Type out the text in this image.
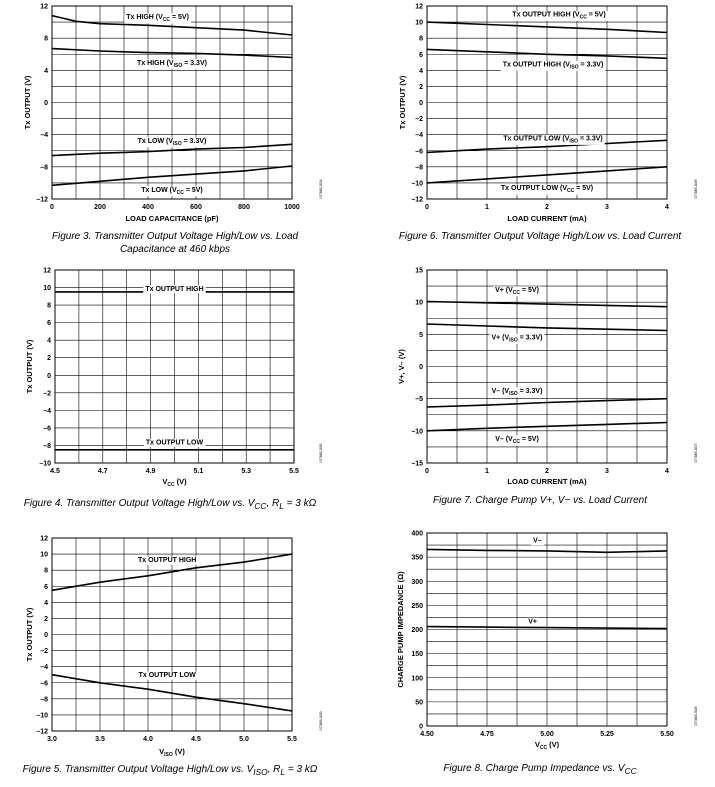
0	200	400	600	800	1000
–12
–8
–4
0
4
8
12
LOAD CAPACITANCE (pF)
Tx OUTPUT (V)
07388-004
Tx HIGH $(V_{CC} = 5V)$
Tx HIGH $(V_{ISO} = 3.3V)$
Tx LOW $(V_{ISO} = 3.3V)$
Tx LOW $(V_{CC} = 5V)$
Figure 3. Transmitter Output Voltage High/Low vs. Load
Capacitance at 460 kbps
0	1	2	3	4
–12
–10
–8
–6
–4
–2
0
2
4
6
8
10
12
LOAD CURRENT (mA)
Tx OUTPUT (V)
07388-006
Tx OUTPUT HIGH $(V_{CC} = 5V)$
Tx OUTPUT HIGH $(V_{ISO} = 3.3V)$
Tx OUTPUT LOW $(V_{ISO} = 3.3V)$
Tx OUTPUT LOW $(V_{CC} = 5V)$
Figure 6. Transmitter Output Voltage High/Low vs. Load Current
4.5	4.7	4.9	5.1	5.3	5.5
–10
–8
–6
–4
–2
0
2
4
6
8
10
12
$V_{CC}$ (V)
Tx OUTPUT (V)
07388-005
Tx OUTPUT HIGH
Tx OUTPUT LOW
Figure 4. Transmitter Output Voltage High/Low vs. $V_{CC}$, $R_L = 3$ kΩ
0	1	2	3	4
–15
–10
–5
0
5
10
15
LOAD CURRENT (mA)
V+, V– (V)
07388-007
$V+ (V_{CC} = 5V)$
$V+ (V_{ISO} = 3.3V)$
V– $(V_{ISO} = 3.3V)$
V– $(V_{CC} = 5V)$
Figure 7. Charge Pump V+, V− vs. Load Current
3.0	3.5	4.0	4.5	5.0	5.5
–12
–10
–8
–6
–4
–2
0
2
4
6
8
10
12
$V_{ISO}$ (V)
Tx OUTPUT (V)
07388-009
Tx OUTPUT HIGH
Tx OUTPUT LOW
Figure 5. Transmitter Output Voltage High/Low vs. $V_{ISO}$, $R_L = 3$ kΩ
4.50	4.75	5.00	5.25	5.50
0
50
100
150
200
250
300
350
400
$V_{CC}$ (V)
CHARGE PUMP IMPEDANCE (Ω)
07388-008
V–
V+
Figure 8. Charge Pump Impedance vs. $V_{CC}$
